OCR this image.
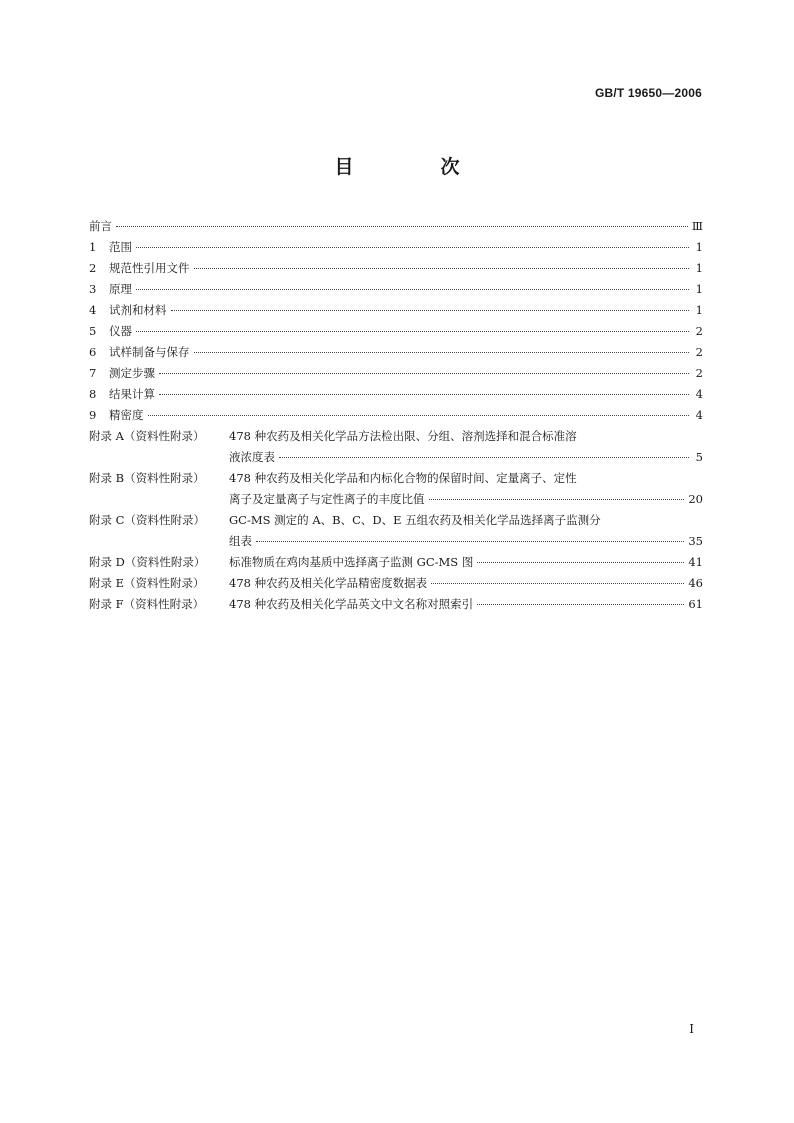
GB/T 19650—2006
目　次
前言	Ⅲ
1	范围	1
2	规范性引用文件	1
3	原理	1
4	试剂和材料	1
5	仪器	2
6	试样制备与保存	2
7	测定步骤	2
8	结果计算	4
9	精密度	4
附录 A（资料性附录）	478 种农药及相关化学品方法检出限、分组、溶剂选择和混合标准溶
液浓度表	5
附录 B（资料性附录）	478 种农药及相关化学品和内标化合物的保留时间、定量离子、定性
离子及定量离子与定性离子的丰度比值	20
附录 C（资料性附录）	GC-MS 测定的 A、B、C、D、E 五组农药及相关化学品选择离子监测分
组表	35
附录 D（资料性附录）	标准物质在鸡肉基质中选择离子监测 GC-MS 图	41
附录 E（资料性附录）	478 种农药及相关化学品精密度数据表	46
附录 F（资料性附录）	478 种农药及相关化学品英文中文名称对照索引	61
I
